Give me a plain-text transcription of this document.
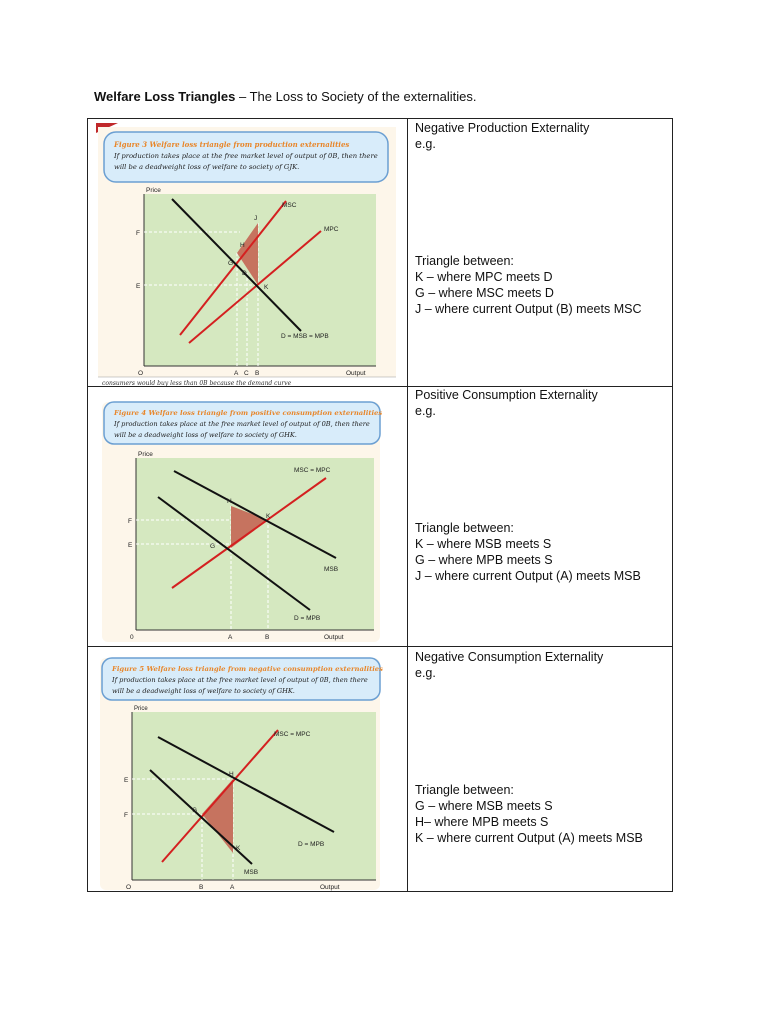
Welfare Loss Triangles – The Loss to Society of the externalities.
Negative Production Externality
e.g.
Triangle between:
K – where MPC meets D
G – where MSC meets D
J – where current Output (B) meets MSC
Positive Consumption Externality
e.g.
Triangle between:
K – where MSB meets S
G – where MPB meets S
J – where current Output (A) meets MSB
Negative Consumption Externality
e.g.
Triangle between:
G – where MSB meets S
H– where MPB meets S
K – where current Output (A) meets MSB
Figure 3 Welfare loss triangle from production externalities
If production takes place at the free market level of output of 0B, then there
will be a deadweight loss of welfare to society of GJK.
Price
Output
O
F
E
A C B
MSC
MPC
D = MSB = MPB
J
H
G
D
K
consumers would buy less than 0B because the demand curve
Figure 4 Welfare loss triangle from positive consumption externalities
If production takes place at the free market level of output of 0B, then there
will be a deadweight loss of welfare to society of GHK.
Price
Output
0
F
E
A	B
MSC = MPC
MSB
D = MPB
H
K
G
Figure 5 Welfare loss triangle from negative consumption externalities
If production takes place at the free market level of output of 0B, then there
will be a deadweight loss of welfare to society of GHK.
Price
Output
O
E
F
B	A
MSC = MPC
D = MPB
MSB
H
G
K
